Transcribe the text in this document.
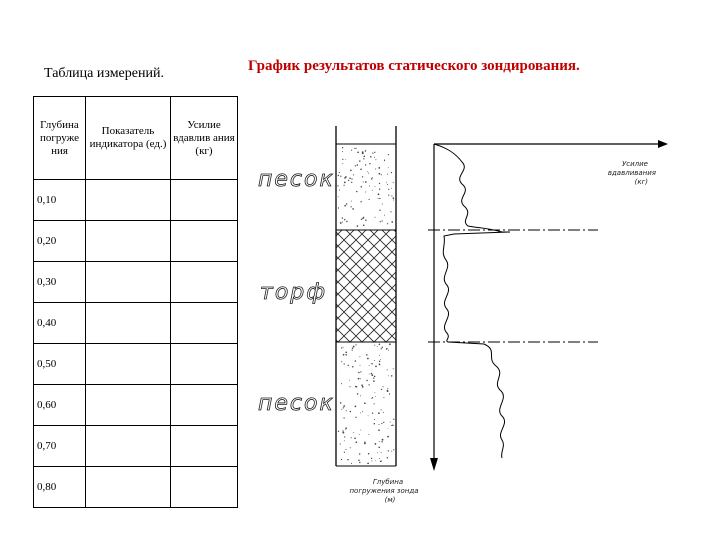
Таблица измерений.	График результатов статического зондирования.
Глубина погруже ния	Показатель индикатора (ед.)	Усилие вдавлив ания (кг)
0,10	

0,20	

0,30	

0,40	

0,50	

0,60	

0,70	

0,80	

песок
торф
песок
Усилие
вдавливания
(кг)
Глубина
погружения зонда
(м)
